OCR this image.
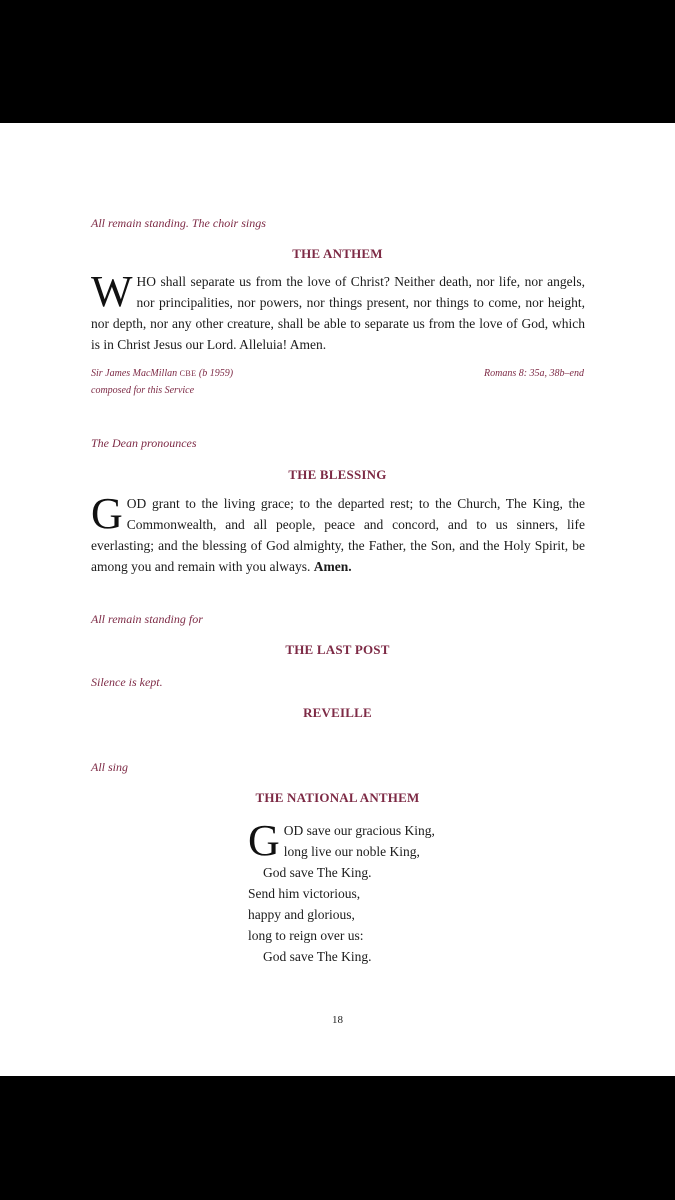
All remain standing. The choir sings
THE ANTHEM
WHO shall separate us from the love of Christ? Neither death, nor life, nor angels, nor principalities, nor powers, nor things present, nor things to come, nor height, nor depth, nor any other creature, shall be able to separate us from the love of God, which is in Christ Jesus our Lord. Alleluia! Amen.
Sir James MacMillan CBE (b 1959)
composed for this Service
Romans 8: 35a, 38b–end
The Dean pronounces
THE BLESSING
GOD grant to the living grace; to the departed rest; to the Church, The King, the Commonwealth, and all people, peace and concord, and to us sinners, life everlasting; and the blessing of God almighty, the Father, the Son, and the Holy Spirit, be among you and remain with you always. Amen.
All remain standing for
THE LAST POST
Silence is kept.
REVEILLE
All sing
THE NATIONAL ANTHEM
G OD save our gracious King,
long live our noble King,
God save The King.
Send him victorious,
happy and glorious,
long to reign over us:
God save The King.
18
